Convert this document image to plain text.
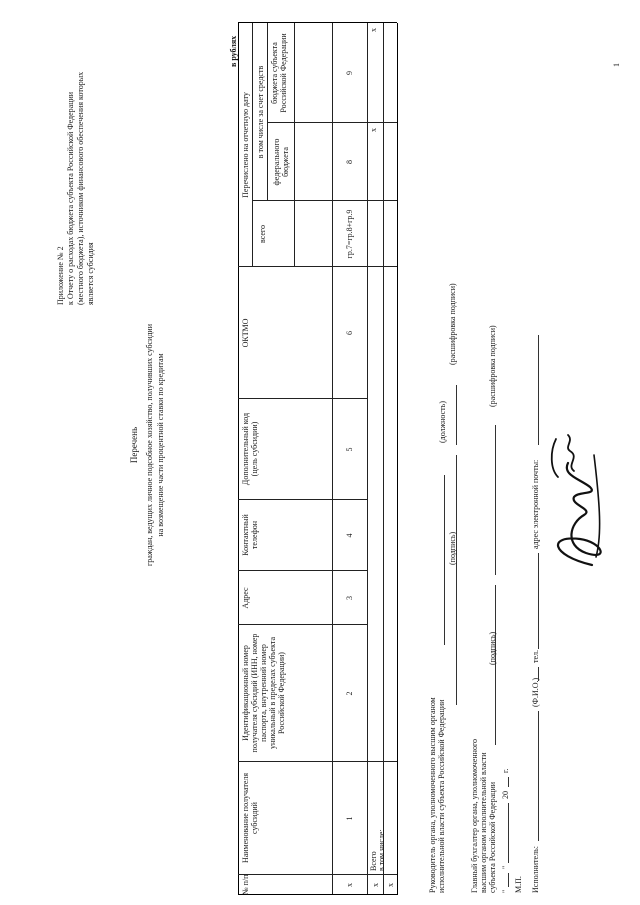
Приложение № 2 к Отчету о расходах бюджета субъекта Российской Федерации (местного бюджета), источником финансового обеспечения которых является субсидия
Перечень граждан, ведущих личное подсобное хозяйство, получивших субсидии на возмещение части процентной ставки по кредитам
в рублях
№ п/п
Наименование получателя субсидий
Идентификационный номер получателя субсидий (ИНН, номер паспорта, внутренний номер уникальный в пределах субъекта Российской Федерации)
Адрес
Контактный телефон
Дополнительный код (цель субсидии)
ОКТМО
Перечислено на отчетную дату
всего
в том числе за счет средств
федерального бюджета
бюджета субъекта Российской Федерации
1
2
3
4
5
6
гр.7=гр.8+гр.9
8
9
х х
Всего в том числе:
х
х
х
Руководитель органа, уполномоченного высшим органом исполнительной власти субъекта Российской Федерации
(должность)
(подпись)
(расшифровка подписи)
Главный бухгалтер органа, уполномоченного высшим органом исполнительной власти субъекта Российской Федерации
(подпись)
(расшифровка подписи)
"
"
20
г.
М.П. Исполнитель:
(Ф.И.О.)
тел.
адрес электронной почты:
1
